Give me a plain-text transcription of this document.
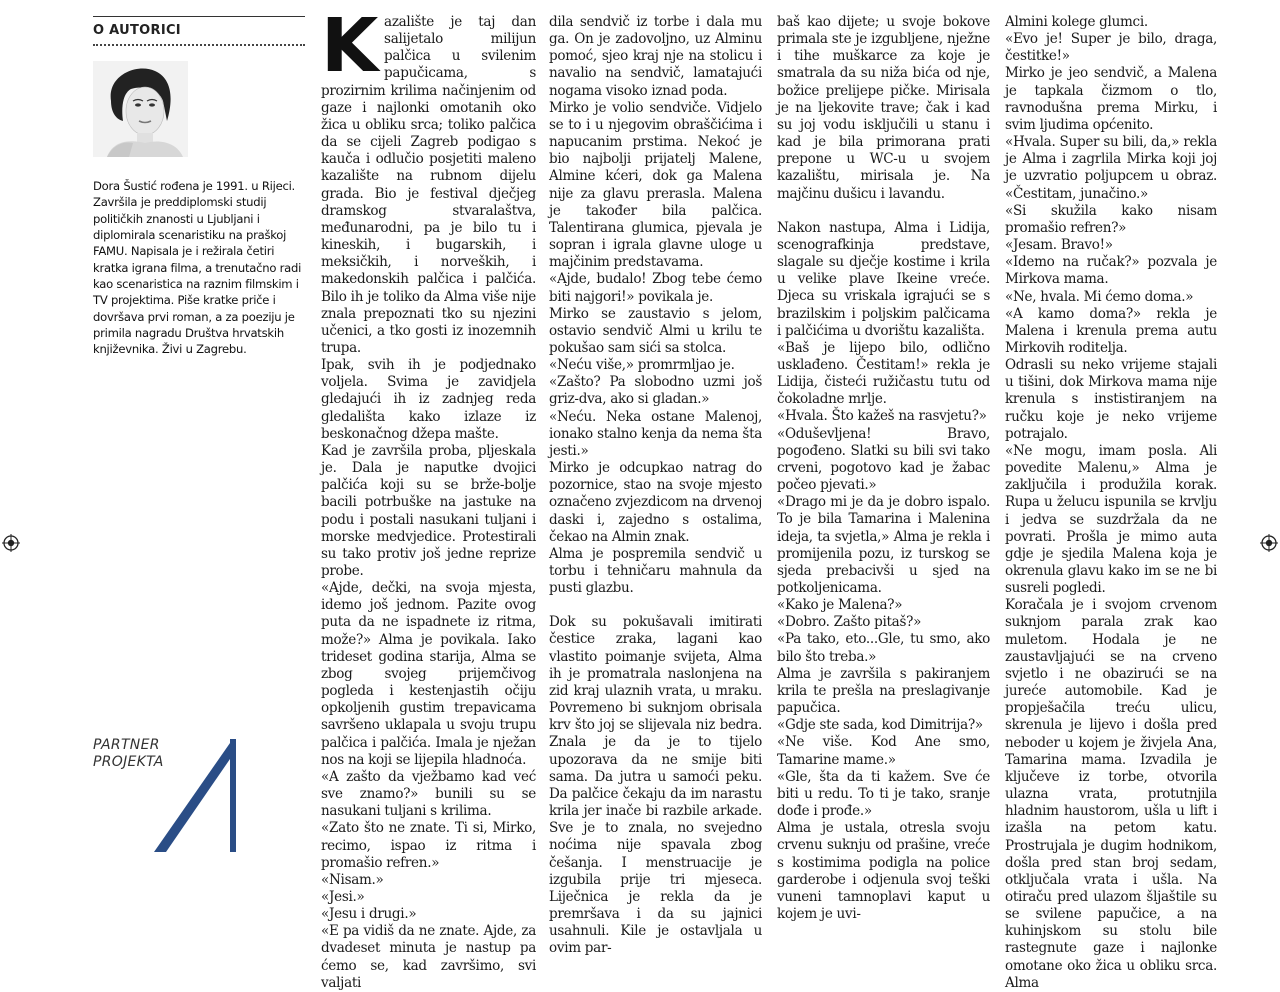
O AUTORICI
Dora Šustić rođena je 1991. u Rijeci. Završila je preddiplomski studij političkih znanosti u Ljubljani i diplomirala scenaristiku na praškoj FAMU. Napisala je i režirala četiri kratka igrana filma, a trenutačno radi kao scenaristica na raznim filmskim i TV projektima. Piše kratke priče i dovršava prvi roman, a za poeziju je primila nagradu Društva hrvatskih književnika. Živi u Zagrebu.
PARTNER
PROJEKTA
K azalište je taj dan salijetalo milijun palčica u svilenim papučicama, s prozirnim krilima načinjenim od gaze i najlonki omotanih oko žica u obliku srca; toliko palčica da se cijeli Zagreb podigao s kauča i odlučio posjetiti maleno kazalište na rubnom dijelu grada. Bio je festival dječjeg dramskog stvaralaštva, međunarodni, pa je bilo tu i kineskih, i bugarskih, i meksičkih, i norveških, i makedonskih palčica i palčića. Bilo ih je toliko da Alma više nije znala prepoznati tko su njezini učenici, a tko gosti iz inozemnih trupa.

Ipak, svih ih je podjednako voljela. Svima je zavidjela gledajući ih iz zadnjeg reda gledališta kako izlaze iz beskonačnog džepa mašte.

Kad je završila proba, pljeskala je. Dala je naputke dvojici palčića koji su se brže-bolje bacili potrbuške na jastuke na podu i postali nasukani tuljani i morske medvjedice. Protestirali su tako protiv još jedne reprize probe.

«Ajde, dečki, na svoja mjesta, idemo još jednom. Pazite ovog puta da ne ispadnete iz ritma, može?» Alma je povikala. Iako trideset godina starija, Alma se zbog svojeg prijemčivog pogleda i kestenjastih očiju opkoljenih gustim trepavicama savršeno uklapala u svoju trupu palčica i palčića. Imala je nježan nos na koji se lijepila hladnoća.

«A zašto da vježbamo kad već sve znamo?» bunili su se nasukani tuljani s krilima.

«Zato što ne znate. Ti si, Mirko, recimo, ispao iz ritma i promašio refren.»

«Nisam.»

«Jesi.»

«Jesu i drugi.»

«E pa vidiš da ne znate. Ajde, za dvadeset minuta je nastup pa ćemo se, kad završimo, svi valjati

dila sendvič iz torbe i dala mu ga. On je zadovoljno, uz Alminu pomoć, sjeo kraj nje na stolicu i navalio na sendvič, lamatajući nogama visoko iznad poda.

Mirko je volio sendviče. Vidjelo se to i u njegovim obraščićima i napucanim prstima. Nekoć je bio najbolji prijatelj Malene, Almine kćeri, dok ga Malena nije za glavu prerasla. Malena je također bila palčica. Talentirana glumica, pjevala je sopran i igrala glavne uloge u majčinim predstavama.

«Ajde, budalo! Zbog tebe ćemo biti najgori!» povikala je.

Mirko se zaustavio s jelom, ostavio sendvič Almi u krilu te pokušao sam sići sa stolca.

«Neću više,» promrmljao je.

«Zašto? Pa slobodno uzmi još griz-dva, ako si gladan.»

«Neću. Neka ostane Malenoj, ionako stalno kenja da nema šta jesti.»

Mirko je odcupkao natrag do pozornice, stao na svoje mjesto označeno zvjezdicom na drvenoj daski i, zajedno s ostalima, čekao na Almin znak.

Alma je pospremila sendvič u torbu i tehničaru mahnula da pusti glazbu.

Dok su pokušavali imitirati čestice zraka, lagani kao vlastito poimanje svijeta, Alma ih je promatrala naslonjena na zid kraj ulaznih vrata, u mraku. Povremeno bi suknjom obrisala krv što joj se slijevala niz bedra. Znala je da je to tijelo upozorava da ne smije biti sama. Da jutra u samoći peku. Da palčice čekaju da im narastu krila jer inače bi razbile arkade. Sve je to znala, no svejedno noćima nije spavala zbog češanja. I menstruacije je izgubila prije tri mjeseca. Liječnica je rekla da je premršava i da su jajnici usahnuli. Kile je ostavljala u ovim par-

baš kao dijete; u svoje bokove primala ste je izgubljene, nježne i tihe muškarce za koje je smatrala da su niža bića od nje, božice prelijepe pičke. Mirisala je na ljekovite trave; čak i kad su joj vodu isključili u stanu i kad je bila primorana prati prepone u WC-u u svojem kazalištu, mirisala je. Na majčinu dušicu i lavandu.

Nakon nastupa, Alma i Lidija, scenografkinja predstave, slagale su dječje kostime i krila u velike plave Ikeine vreće. Djeca su vriskala igrajući se s brazilskim i poljskim palčicama i palčićima u dvorištu kazališta.

«Baš je lijepo bilo, odlično usklađeno. Čestitam!» rekla je Lidija, čisteći ružičastu tutu od čokoladne mrlje.

«Hvala. Što kažeš na rasvjetu?»

«Oduševljena! Bravo, pogođeno. Slatki su bili svi tako crveni, pogotovo kad je žabac počeo pjevati.»

«Drago mi je da je dobro ispalo. To je bila Tamarina i Malenina ideja, ta svjetla,» Alma je rekla i promijenila pozu, iz turskog se sjeda prebacivši u sjed na potkoljenicama.

«Kako je Malena?»

«Dobro. Zašto pitaš?»

«Pa tako, eto...Gle, tu smo, ako bilo što treba.»

Alma je završila s pakiranjem krila te prešla na preslagivanje papučica.

«Gdje ste sada, kod Dimitrija?»

«Ne više. Kod Ane smo, Tamarine mame.»

«Gle, šta da ti kažem. Sve će biti u redu. To ti je tako, sranje dođe i prođe.»

Alma je ustala, otresla svoju crvenu suknju od prašine, vreće s kostimima podigla na police garderobe i odjenula svoj teški vuneni tamnoplavi kaput u kojem je uvi-

Almini kolege glumci.

«Evo je! Super je bilo, draga, čestitke!»

Mirko je jeo sendvič, a Malena je tapkala čizmom o tlo, ravnodušna prema Mirku, i svim ljudima općenito.

«Hvala. Super su bili, da,» rekla je Alma i zagrlila Mirka koji joj je uzvratio poljupcem u obraz. «Čestitam, junačino.»

«Si skužila kako nisam promašio refren?»

«Jesam. Bravo!»

«Idemo na ručak?» pozvala je Mirkova mama.

«Ne, hvala. Mi ćemo doma.»

«A kamo doma?» rekla je Malena i krenula prema autu Mirkovih roditelja.

Odrasli su neko vrijeme stajali u tišini, dok Mirkova mama nije krenula s instistiranjem na ručku koje je neko vrijeme potrajalo.

«Ne mogu, imam posla. Ali povedite Malenu,» Alma je zaključila i produžila korak. Rupa u želucu ispunila se krvlju i jedva se suzdržala da ne povrati. Prošla je mimo auta gdje je sjedila Malena koja je okrenula glavu kako im se ne bi susreli pogledi.

Koračala je i svojom crvenom suknjom parala zrak kao muletom. Hodala je ne zaustavljajući se na crveno svjetlo i ne obazirući se na jureće automobile. Kad je propješačila treću ulicu, skrenula je lijevo i došla pred neboder u kojem je živjela Ana, Tamarina mama. Izvadila je ključeve iz torbe, otvorila ulazna vrata, protutnjila hladnim haustorom, ušla u lift i izašla na petom katu. Prostrujala je dugim hodnikom, došla pred stan broj sedam, otključala vrata i ušla. Na otiraču pred ulazom šljaštile su se svilene papučice, a na kuhinjskom su stolu bile rastegnute gaze i najlonke omotane oko žica u obliku srca. Alma
